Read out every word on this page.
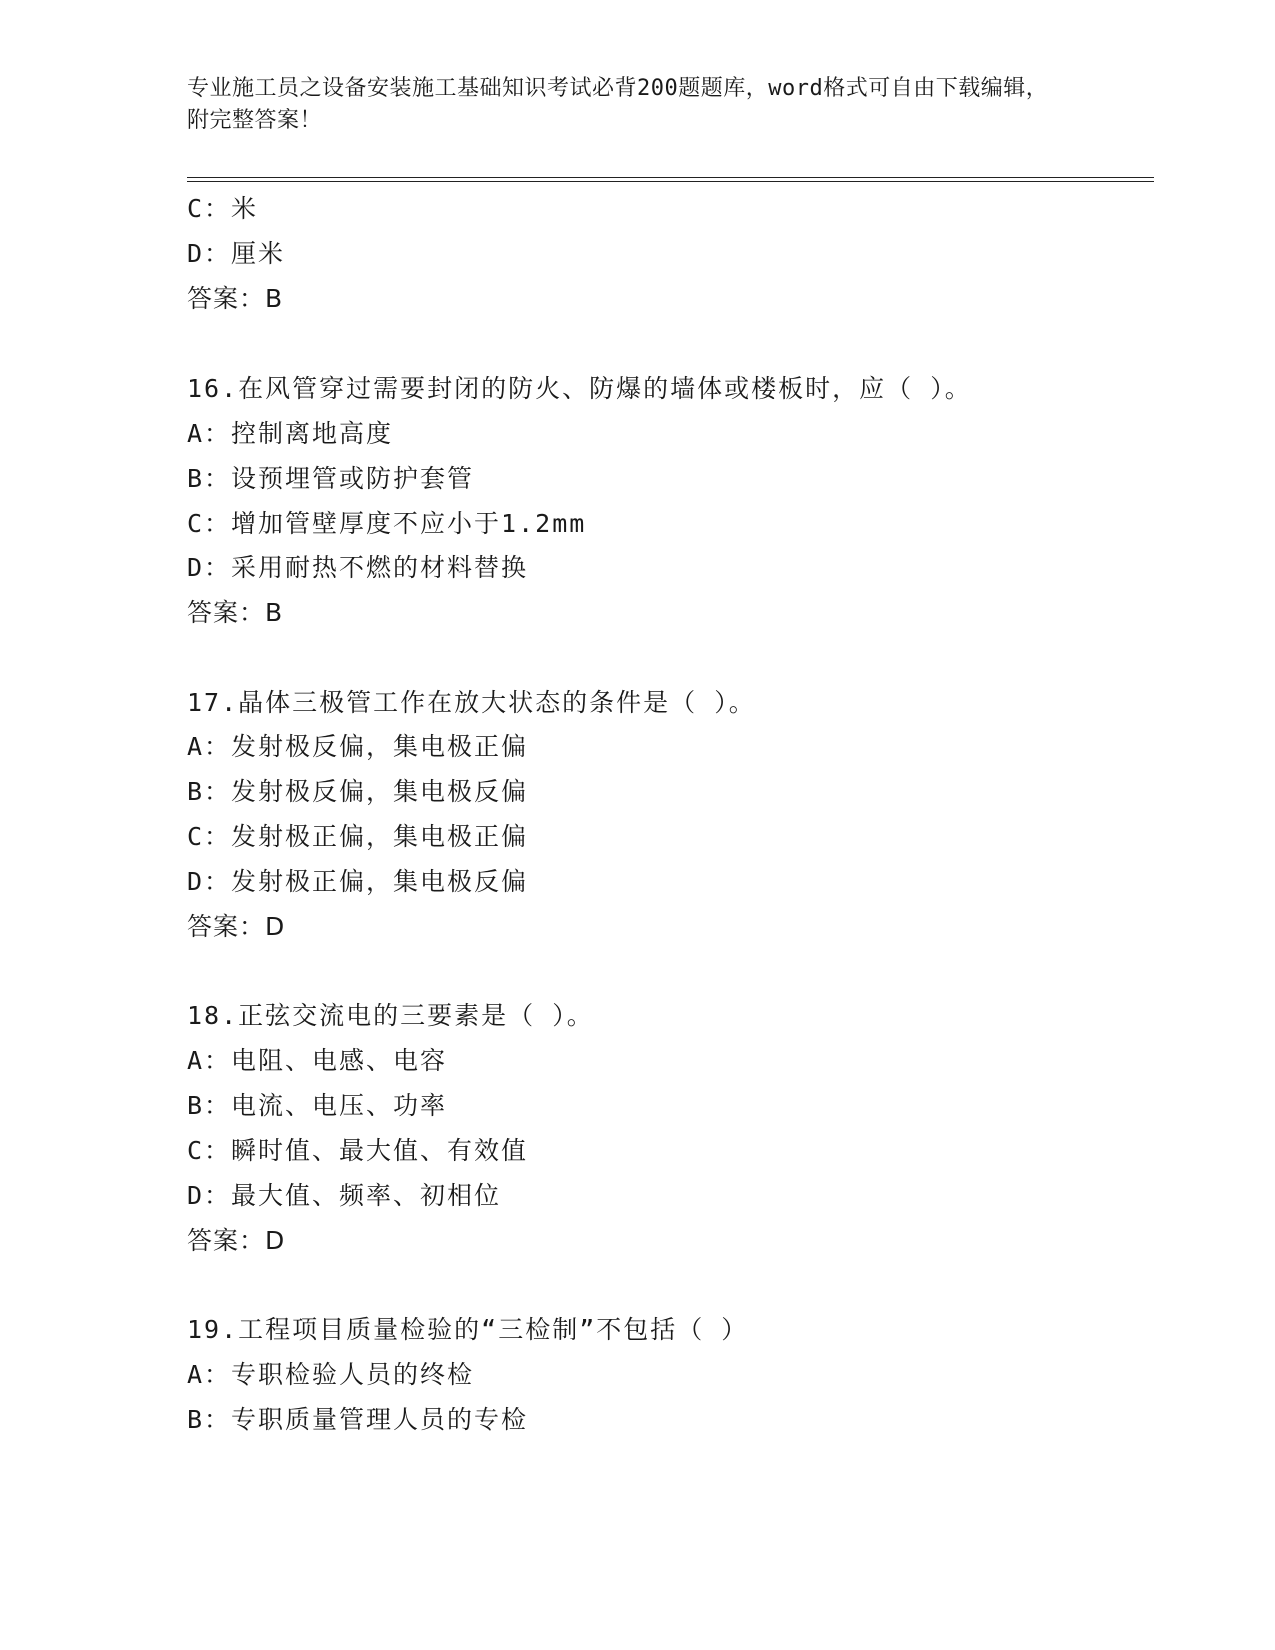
专业施工员之设备安装施工基础知识考试必背200题题库，word格式可自由下载编辑，附完整答案！
C：米
D：厘米
答案：B
16.在风管穿过需要封闭的防火、防爆的墙体或楼板时，应（ ）。
A：控制离地高度
B：设预埋管或防护套管
C：增加管壁厚度不应小于1.2mm
D：采用耐热不燃的材料替换
答案：B
17.晶体三极管工作在放大状态的条件是（ ）。
A：发射极反偏，集电极正偏
B：发射极反偏，集电极反偏
C：发射极正偏，集电极正偏
D：发射极正偏，集电极反偏
答案：D
18.正弦交流电的三要素是（ ）。
A：电阻、电感、电容
B：电流、电压、功率
C：瞬时值、最大值、有效值
D：最大值、频率、初相位
答案：D
19.工程项目质量检验的“三检制”不包括（ ）
A：专职检验人员的终检
B：专职质量管理人员的专检
